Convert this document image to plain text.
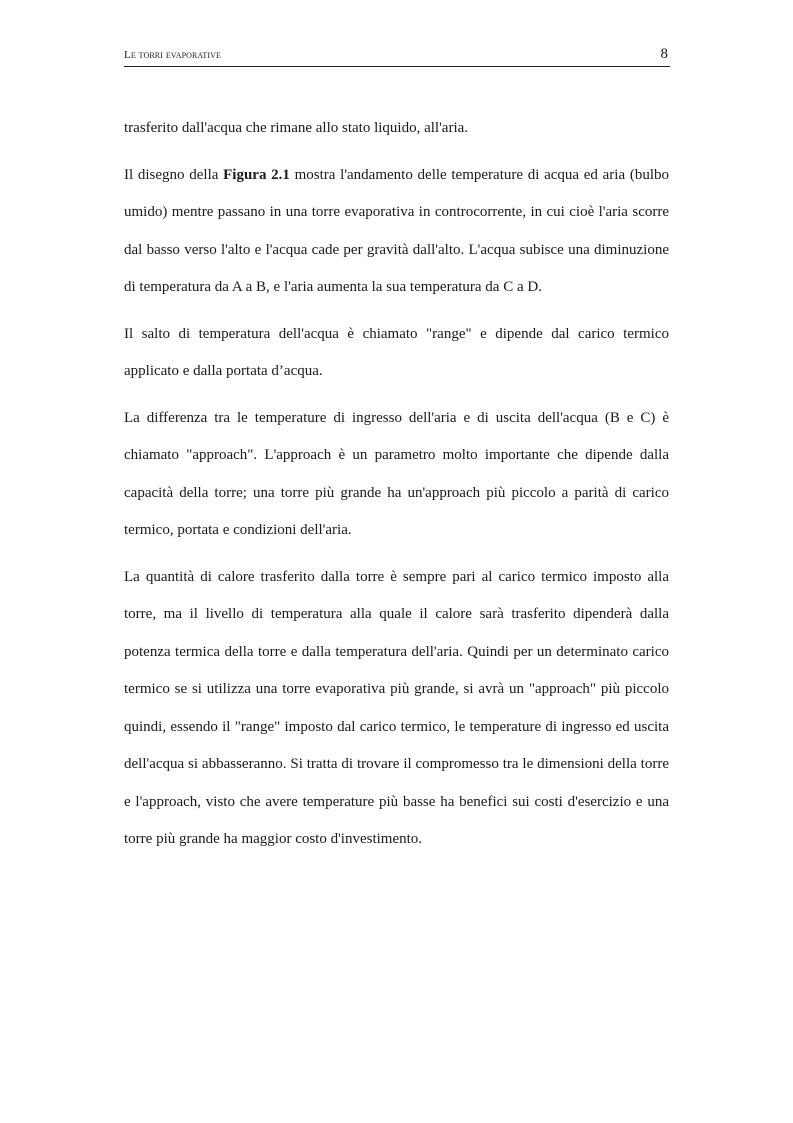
Le torri evaporative	8

trasferito dall'acqua che rimane allo stato liquido, all'aria.

Il disegno della Figura 2.1 mostra l'andamento delle temperature di acqua ed aria (bulbo umido) mentre passano in una torre evaporativa in controcorrente, in cui cioè l'aria scorre dal basso verso l'alto e l'acqua cade per gravità dall'alto. L'acqua subisce una diminuzione di temperatura da A a B, e l'aria aumenta la sua temperatura da C a D.

Il salto di temperatura dell'acqua è chiamato "range" e dipende dal carico termico applicato e dalla portata d’acqua.

La differenza tra le temperature di ingresso dell'aria e di uscita dell'acqua (B e C) è chiamato "approach". L'approach è un parametro molto importante che dipende dalla capacità della torre; una torre più grande ha un'approach più piccolo a parità di carico termico, portata e condizioni dell'aria.

La quantità di calore trasferito dalla torre è sempre pari al carico termico imposto alla torre, ma il livello di temperatura alla quale il calore sarà trasferito dipenderà dalla potenza termica della torre e dalla temperatura dell'aria. Quindi per un determinato carico termico se si utilizza una torre evaporativa più grande, si avrà un "approach" più piccolo quindi, essendo il "range" imposto dal carico termico, le temperature di ingresso ed uscita dell'acqua si abbasseranno. Si tratta di trovare il compromesso tra le dimensioni della torre e l'approach, visto che avere temperature più basse ha benefici sui costi d'esercizio e una torre più grande ha maggior costo d'investimento.
